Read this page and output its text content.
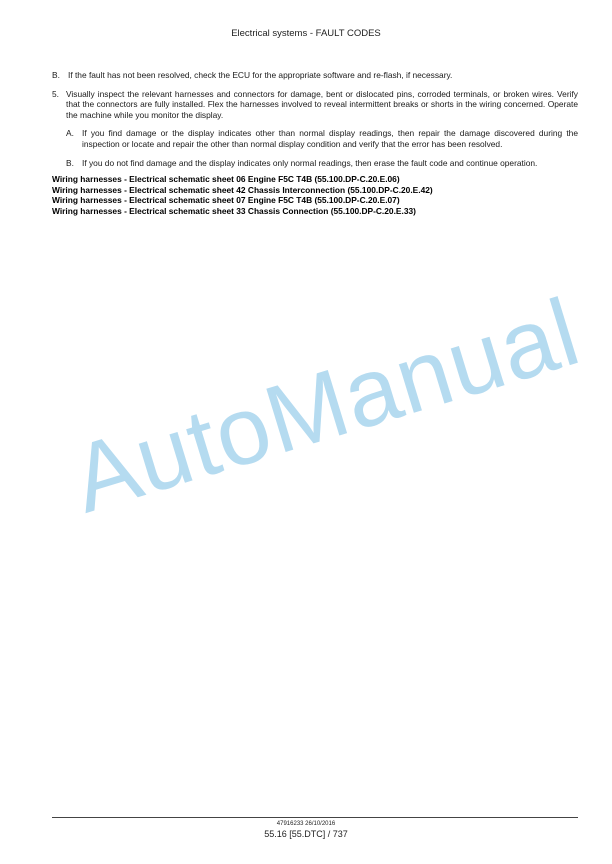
Electrical systems - FAULT CODES
B. If the fault has not been resolved, check the ECU for the appropriate software and re-flash, if necessary.
5. Visually inspect the relevant harnesses and connectors for damage, bent or dislocated pins, corroded terminals, or broken wires. Verify that the connectors are fully installed. Flex the harnesses involved to reveal intermittent breaks or shorts in the wiring concerned. Operate the machine while you monitor the display.
A. If you find damage or the display indicates other than normal display readings, then repair the damage discovered during the inspection or locate and repair the other than normal display condition and verify that the error has been resolved.
B. If you do not find damage and the display indicates only normal readings, then erase the fault code and continue operation.
Wiring harnesses - Electrical schematic sheet 06 Engine F5C T4B (55.100.DP-C.20.E.06)
Wiring harnesses - Electrical schematic sheet 42 Chassis Interconnection (55.100.DP-C.20.E.42)
Wiring harnesses - Electrical schematic sheet 07 Engine F5C T4B (55.100.DP-C.20.E.07)
Wiring harnesses - Electrical schematic sheet 33 Chassis Connection (55.100.DP-C.20.E.33)
AutoManual
47916233 26/10/2016
55.16 [55.DTC] / 737
